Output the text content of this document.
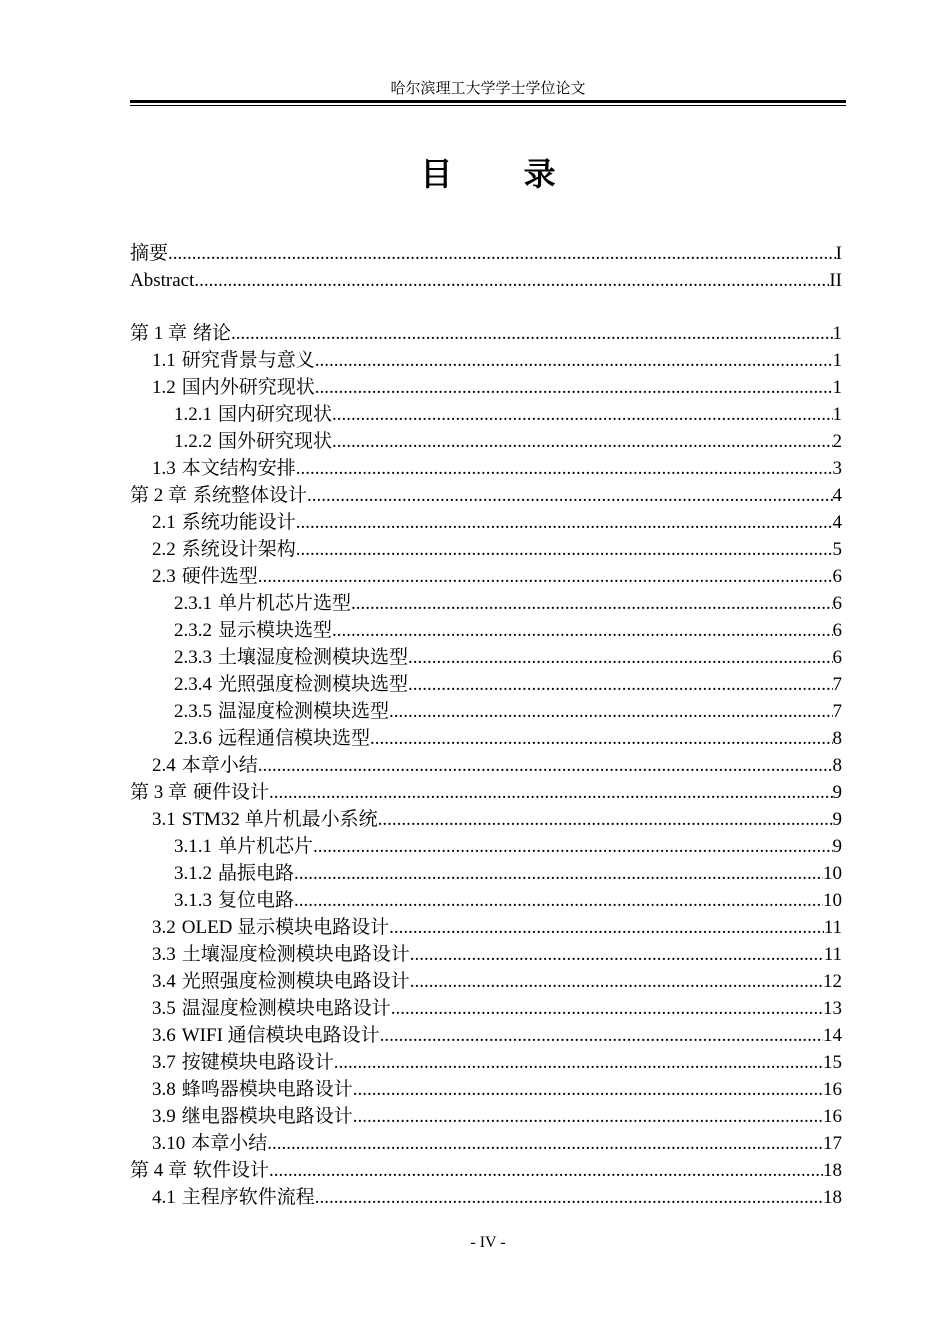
哈尔滨理工大学学士学位论文
目 录
摘要 .....	I
Abstract .....	II
第 1 章 绪论 .....	1
1.1 研究背景与意义 .....	1
1.2 国内外研究现状 .....	1
1.2.1 国内研究现状 .....	1
1.2.2 国外研究现状 .....	2
1.3 本文结构安排 .....	3
第 2 章 系统整体设计 .....	4
2.1 系统功能设计 .....	4
2.2 系统设计架构 .....	5
2.3 硬件选型 .....	6
2.3.1 单片机芯片选型 .....	6
2.3.2 显示模块选型 .....	6
2.3.3 土壤湿度检测模块选型 .....	6
2.3.4 光照强度检测模块选型 .....	7
2.3.5 温湿度检测模块选型 .....	7
2.3.6 远程通信模块选型 .....	8
2.4 本章小结 .....	8
第 3 章 硬件设计 .....	9
3.1 STM32 单片机最小系统 .....	9
3.1.1 单片机芯片 .....	9
3.1.2 晶振电路 .....	10
3.1.3 复位电路 .....	10
3.2 OLED 显示模块电路设计 .....	11
3.3 土壤湿度检测模块电路设计 .....	11
3.4 光照强度检测模块电路设计 .....	12
3.5 温湿度检测模块电路设计 .....	13
3.6 WIFI 通信模块电路设计 .....	14
3.7 按键模块电路设计 .....	15
3.8 蜂鸣器模块电路设计 .....	16
3.9 继电器模块电路设计 .....	16
3.10 本章小结 .....	17
第 4 章 软件设计 .....	18
4.1 主程序软件流程 .....	18
- IV -
